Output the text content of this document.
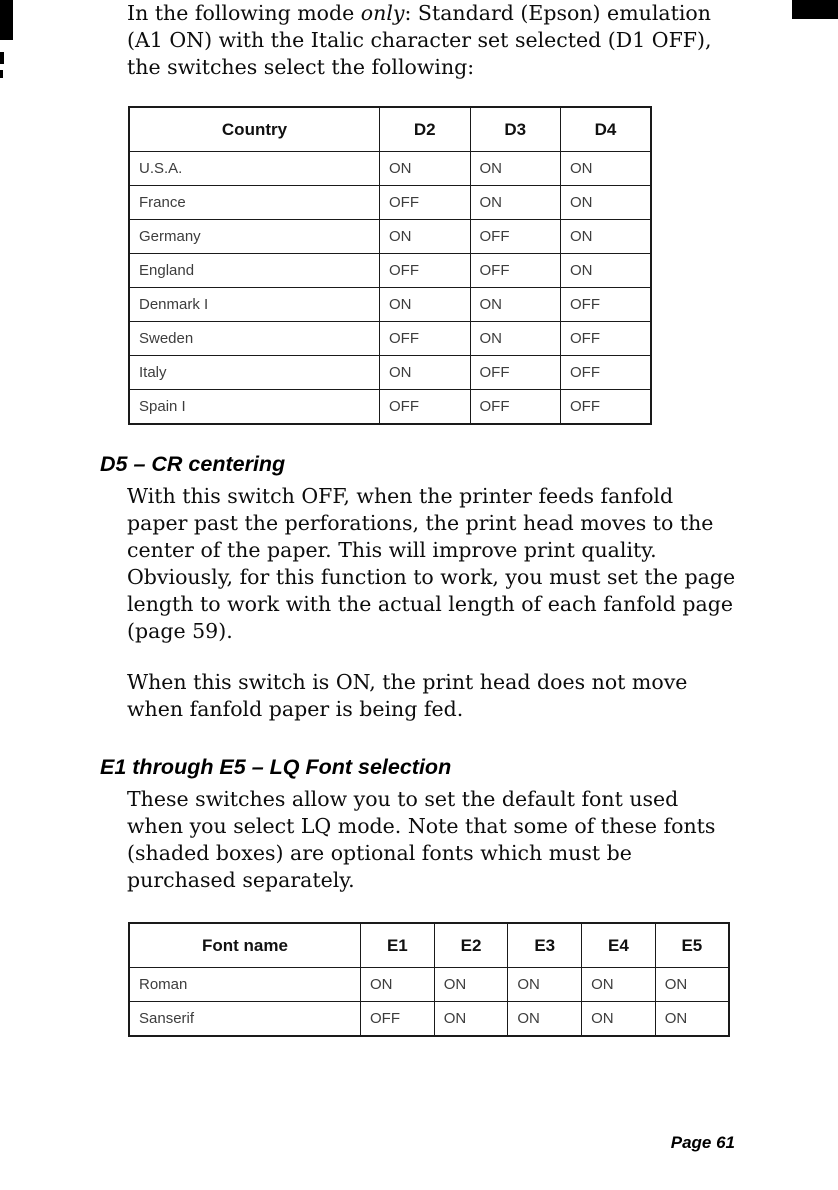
In the following mode only: Standard (Epson) emulation (A1 ON) with the Italic character set selected (D1 OFF), the switches select the following:

Country	D2	D3	D4
U.S.A.	ON	ON	ON
France	OFF	ON	ON
Germany	ON	OFF	ON
England	OFF	OFF	ON
Denmark I	ON	ON	OFF
Sweden	OFF	ON	OFF
Italy	ON	OFF	OFF
Spain I	OFF	OFF	OFF
D5 – CR centering

With this switch OFF, when the printer feeds fanfold paper past the perforations, the print head moves to the center of the paper. This will improve print quality. Obviously, for this function to work, you must set the page length to work with the actual length of each fanfold page (page 59).

When this switch is ON, the print head does not move when fanfold paper is being fed.

E1 through E5 – LQ Font selection

These switches allow you to set the default font used when you select LQ mode. Note that some of these fonts (shaded boxes) are optional fonts which must be purchased separately.

Font name	E1	E2	E3	E4	E5
Roman	ON	ON	ON	ON	ON
Sanserif	OFF	ON	ON	ON	ON
Page 61
